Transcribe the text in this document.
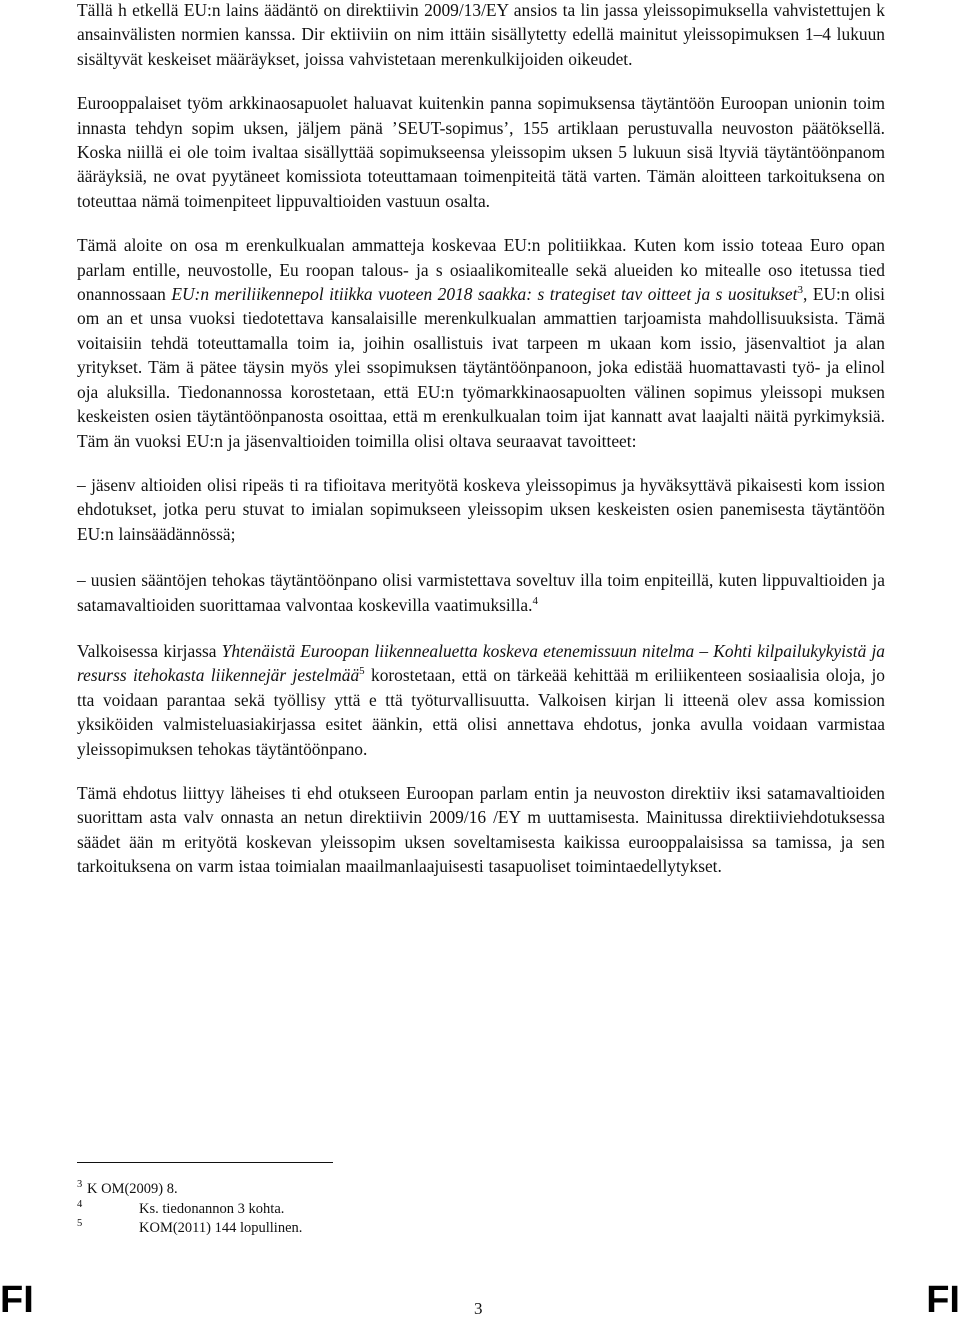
Tällä h etkellä EU:n lains äädäntö on direktiivin 2009/13/EY ansios ta lin jassa yleissopimuksella vahvistettujen k ansainvälisten normien kanssa. Dir ektiiviin on nim ittäin sisällytetty edellä mainitut yleissopimuksen 1–4 lukuun sisältyvät keskeiset määräykset, joissa vahvistetaan merenkulkijoiden oikeudet.

Eurooppalaiset työm arkkinaosapuolet haluavat kuitenkin panna sopimuksensa täytäntöön Euroopan unionin toim innasta tehdyn sopim uksen, jäljem pänä ’SEUT-sopimus’, 155 artiklaan perustuvalla neuvoston päätöksellä. Koska niillä ei ole toim ivaltaa sisällyttää sopimukseensa yleissopim uksen 5 lukuun sisä ltyviä täytäntöönpanom ääräyksiä, ne ovat pyytäneet komissiota toteuttamaan toimenpiteitä tätä varten. Tämän aloitteen tarkoituksena on toteuttaa nämä toimenpiteet lippuvaltioiden vastuun osalta.

Tämä aloite on osa m erenkulkualan ammatteja koskevaa EU:n politiikkaa. Kuten kom issio toteaa Euro opan parlam entille, neuvostolle, Eu roopan talous- ja s osiaalikomitealle sekä alueiden ko mitealle oso itetussa tied onannossaan EU:n meriliikennepol itiikka vuoteen 2018 saakka: s trategiset tav oitteet ja s uositukset$^3$, EU:n olisi om an et unsa vuoksi tiedotettava kansalaisille merenkulkualan ammattien tarjoamista mahdollisuuksista. Tämä voitaisiin tehdä toteuttamalla toim ia, joihin osallistuis ivat tarpeen m ukaan kom issio, jäsenvaltiot ja alan yritykset. Täm ä pätee täysin myös ylei ssopimuksen täytäntöönpanoon, joka edistää huomattavasti työ- ja elinol oja aluksilla. Tiedonannossa korostetaan, että EU:n työmarkkinaosapuolten välinen sopimus yleissopi muksen keskeisten osien täytäntöönpanosta osoittaa, että m erenkulkualan toim ijat kannatt avat laajalti näitä pyrkimyksiä. Täm än vuoksi EU:n ja jäsenvaltioiden toimilla olisi oltava seuraavat tavoitteet:

– jäsenv altioiden olisi ripeäs ti ra tifioitava merityötä koskeva yleissopimus ja hyväksyttävä pikaisesti kom ission ehdotukset, jotka peru stuvat to imialan sopimukseen yleissopim uksen keskeisten osien panemisesta täytäntöön EU:n lainsäädännössä;

– uusien sääntöjen tehokas täytäntöönpano olisi varmistettava soveltuv illa toim enpiteillä, kuten lippuvaltioiden ja satamavaltioiden suorittamaa valvontaa koskevilla vaatimuksilla.$^4$

Valkoisessa kirjassa Yhtenäistä Euroopan liikennealuetta koskeva etenemissuun nitelma – Kohti kilpailukykyistä ja resurss itehokasta liikennejär jestelmää$^5$ korostetaan, että on tärkeää kehittää m eriliikenteen sosiaalisia oloja, jo tta voidaan parantaa sekä työllisy yttä e ttä työturvallisuutta. Valkoisen kirjan li itteenä olev assa komission yksiköiden valmisteluasiakirjassa esitet äänkin, että olisi annettava ehdotus, jonka avulla voidaan varmistaa yleissopimuksen tehokas täytäntöönpano.

Tämä ehdotus liittyy läheises ti ehd otukseen Euroopan parlam entin ja neuvoston direktiiv iksi satamavaltioiden suorittam asta valv onnasta an netun direktiivin 2009/16 /EY m uuttamisesta. Mainitussa direktiiviehdotuksessa säädet ään m erityötä koskevan yleissopim uksen soveltamisesta kaikissa eurooppalaisissa sa tamissa, ja sen tarkoituksena on varm istaa toimialan maailmanlaajuisesti tasapuoliset toimintaedellytykset.

3 K OM(2009) 8.
4	Ks. tiedonannon 3 kohta.
5	KOM(2011) 144 lopullinen.
FI	3	FI
